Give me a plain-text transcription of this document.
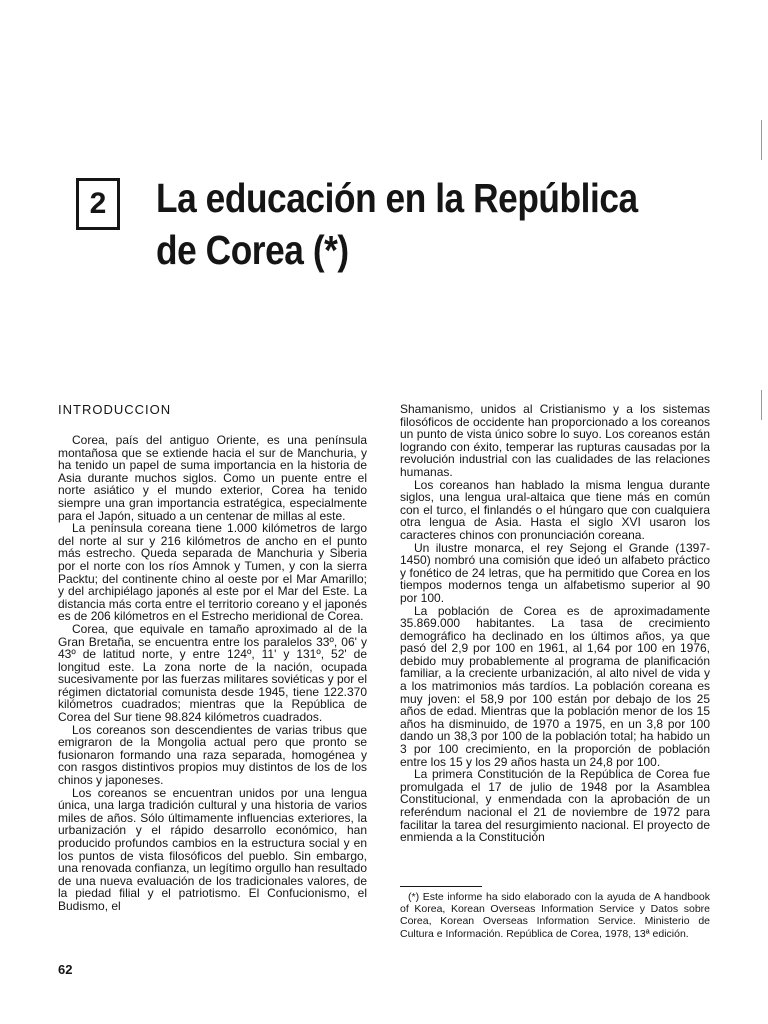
2 La educación en la República
de Corea (*)
INTRODUCCION

Corea, país del antiguo Oriente, es una península montañosa que se extiende hacia el sur de Manchuria, y ha tenido un papel de suma importancia en la historia de Asia durante muchos siglos. Como un puente entre el norte asiático y el mundo exterior, Corea ha tenido siempre una gran importancia estratégica, especialmente para el Japón, situado a un centenar de millas al este.

La península coreana tiene 1.000 kilómetros de largo del norte al sur y 216 kilómetros de ancho en el punto más estrecho. Queda separada de Manchuria y Siberia por el norte con los ríos Amnok y Tumen, y con la sierra Packtu; del continente chino al oeste por el Mar Amarillo; y del archipiélago japonés al este por el Mar del Este. La distancia más corta entre el territorio coreano y el japonés es de 206 kilómetros en el Estrecho meridional de Corea.

Corea, que equivale en tamaño aproximado al de la Gran Bretaña, se encuentra entre los paralelos 33º, 06' y 43º de latitud norte, y entre 124º, 11' y 131º, 52' de longitud este. La zona norte de la nación, ocupada sucesivamente por las fuerzas militares soviéticas y por el régimen dictatorial comunista desde 1945, tiene 122.370 kilómetros cuadrados; mientras que la República de Corea del Sur tiene 98.824 kilómetros cuadrados.

Los coreanos son descendientes de varias tribus que emigraron de la Mongolia actual pero que pronto se fusionaron formando una raza separada, homogénea y con rasgos distintivos propios muy distintos de los de los chinos y japoneses.

Los coreanos se encuentran unidos por una lengua única, una larga tradición cultural y una historia de varios miles de años. Sólo últimamente influencias exteriores, la urbanización y el rápido desarrollo económico, han producido profundos cambios en la estructura social y en los puntos de vista filosóficos del pueblo. Sin embargo, una renovada confianza, un legítimo orgullo han resultado de una nueva evaluación de los tradicionales valores, de la piedad filial y el patriotismo. El Confucionismo, el Budismo, el

Shamanismo, unidos al Cristianismo y a los sistemas filosóficos de occidente han proporcionado a los coreanos un punto de vista único sobre lo suyo. Los coreanos están logrando con éxito, temperar las rupturas causadas por la revolución industrial con las cualidades de las relaciones humanas.

Los coreanos han hablado la misma lengua durante siglos, una lengua ural-altaica que tiene más en común con el turco, el finlandés o el húngaro que con cualquiera otra lengua de Asia. Hasta el siglo XVI usaron los caracteres chinos con pronunciación coreana.

Un ilustre monarca, el rey Sejong el Grande (1397-1450) nombró una comisión que ideó un alfabeto práctico y fonético de 24 letras, que ha permitido que Corea en los tiempos modernos tenga un alfabetismo superior al 90 por 100.

La población de Corea es de aproximadamente 35.869.000 habitantes. La tasa de crecimiento demográfico ha declinado en los últimos años, ya que pasó del 2,9 por 100 en 1961, al 1,64 por 100 en 1976, debido muy probablemente al programa de planificación familiar, a la creciente urbanización, al alto nivel de vida y a los matrimonios más tardíos. La población coreana es muy joven: el 58,9 por 100 están por debajo de los 25 años de edad. Mientras que la población menor de los 15 años ha disminuido, de 1970 a 1975, en un 3,8 por 100 dando un 38,3 por 100 de la población total; ha habido un 3 por 100 crecimiento, en la proporción de población entre los 15 y los 29 años hasta un 24,8 por 100.

La primera Constitución de la República de Corea fue promulgada el 17 de julio de 1948 por la Asamblea Constitucional, y enmendada con la aprobación de un referéndum nacional el 21 de noviembre de 1972 para facilitar la tarea del resurgimiento nacional. El proyecto de enmienda a la Constitución

(*) Este informe ha sido elaborado con la ayuda de A handbook of Korea, Korean Overseas Information Service y Datos sobre Corea, Korean Overseas Information Service. Ministerio de Cultura e Información. República de Corea, 1978, 13ª edición.

62
